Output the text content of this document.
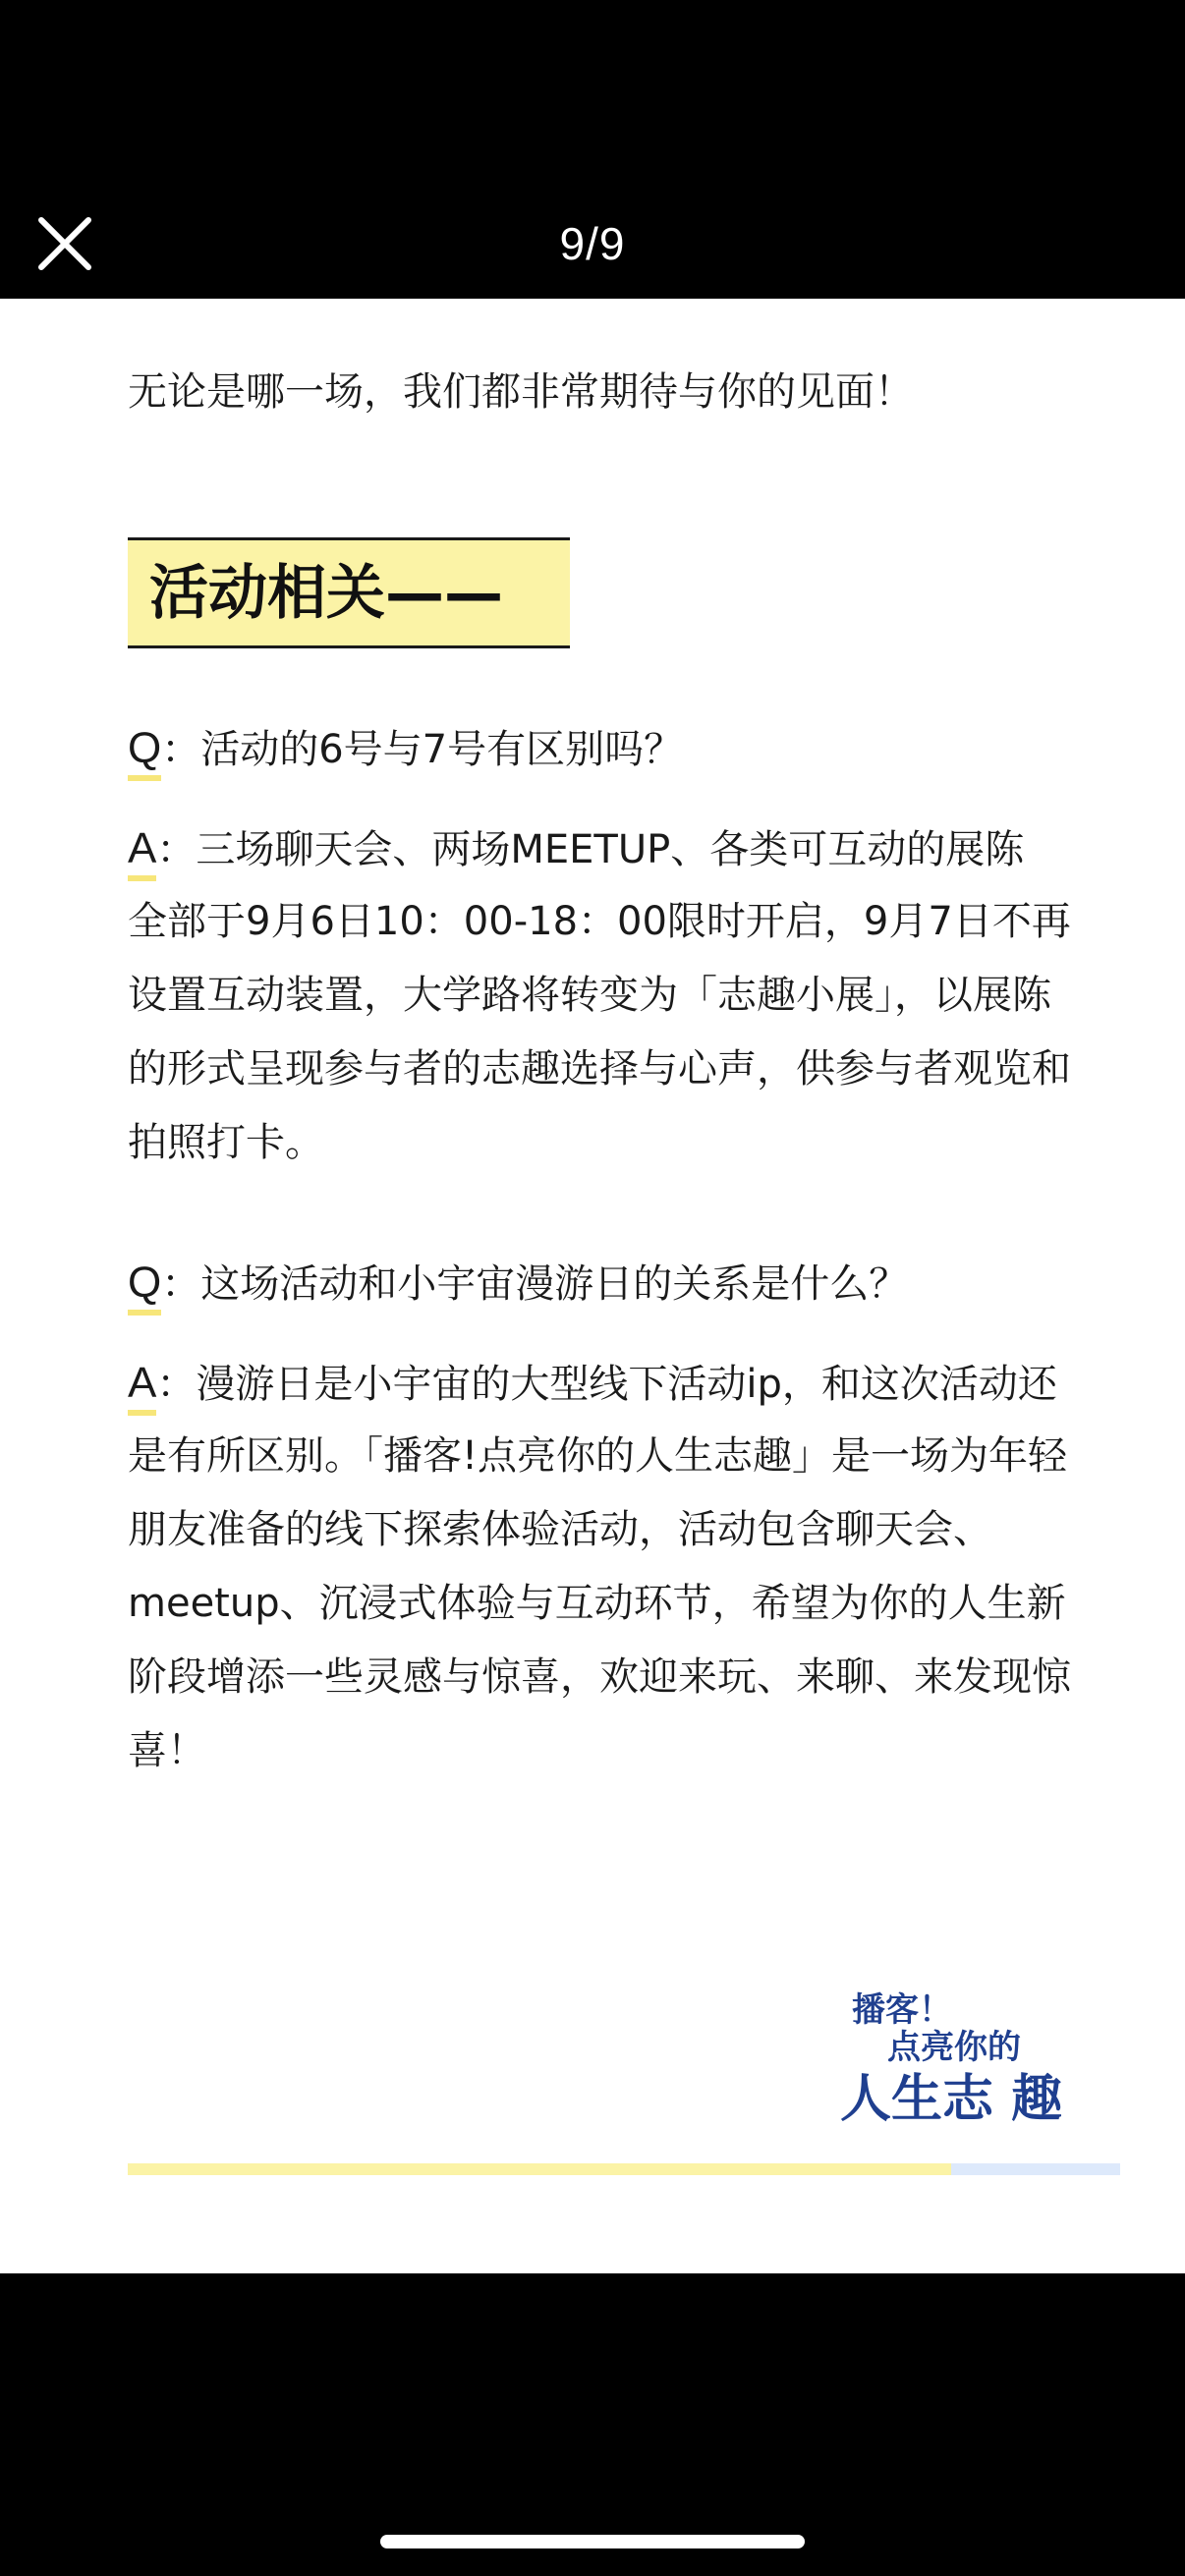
9/9
无论是哪一场，我们都非常期待与你的见面！
活动相关——
Q：活动的6号与7号有区别吗？
A：三场聊天会、两场MEETUP、各类可互动的展陈
全部于9月6日10：00-18：00限时开启，9月7日不再
设置互动装置，大学路将转变为「志趣小展」，以展陈
的形式呈现参与者的志趣选择与心声，供参与者观览和
拍照打卡。
Q：这场活动和小宇宙漫游日的关系是什么？
A：漫游日是小宇宙的大型线下活动ip，和这次活动还
是有所区别。「播客!点亮你的人生志趣」是一场为年轻
朋友准备的线下探索体验活动，活动包含聊天会、
meetup、沉浸式体验与互动环节，希望为你的人生新
阶段增添一些灵感与惊喜，欢迎来玩、来聊、来发现惊
喜！
播客！
点亮你的
人生志 趣
